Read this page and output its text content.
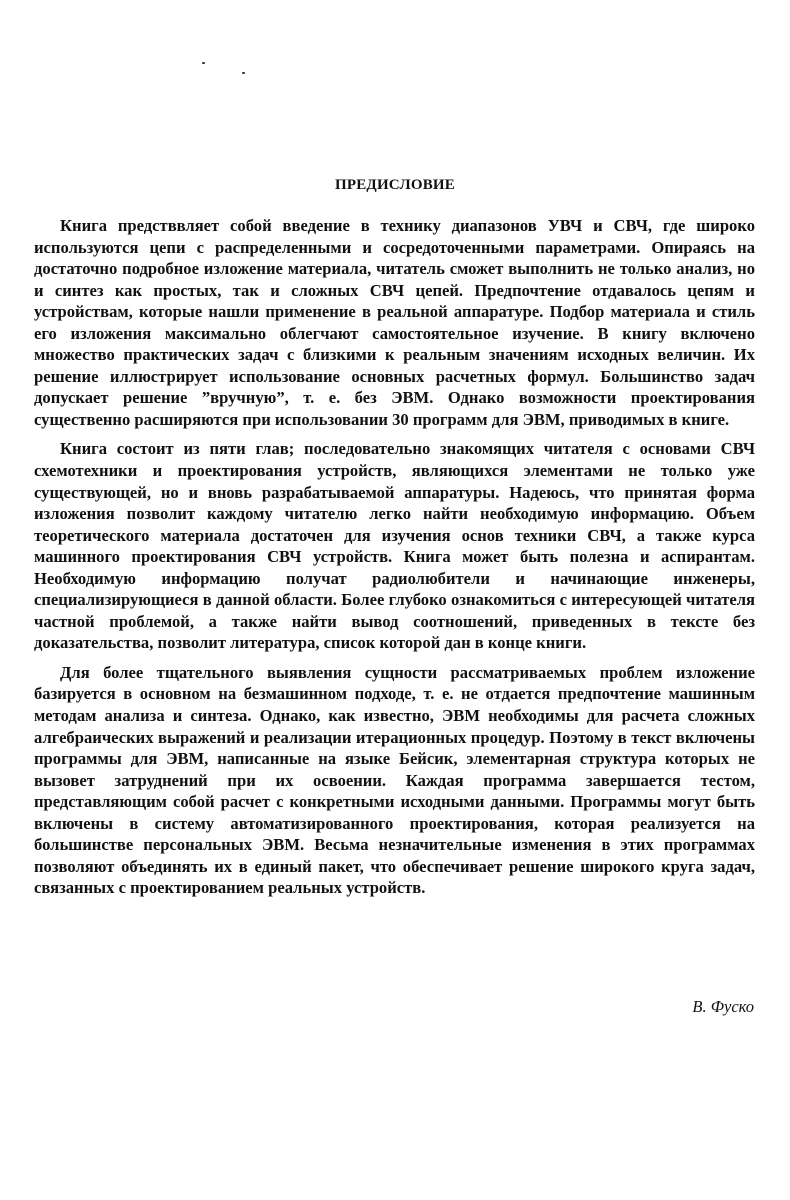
ПРЕДИСЛОВИЕ

Книга предстввляет собой введение в технику диапазонов УВЧ и СВЧ, где широко используются цепи с распределенными и сосредоточенными параметрами. Опираясь на достаточно подробное изложение материала, читатель сможет выполнить не только анализ, но и синтез как простых, так и сложных СВЧ цепей. Предпочтение отдавалось цепям и устройствам, которые нашли применение в реальной аппаратуре. Подбор материала и стиль его изложения максимально облегчают самостоятельное изучение. В книгу включено множество практических задач с близкими к реальным значениям исходных величин. Их решение иллюстрирует использование основных расчетных формул. Большинство задач допускает решение ”вручную”, т. е. без ЭВМ. Однако возможности проектирования существенно расширяются при использовании 30 программ для ЭВМ, приводимых в книге.

Книга состоит из пяти глав; последовательно знакомящих читателя с основами СВЧ схемотехники и проектирования устройств, являющихся элементами не только уже существующей, но и вновь разрабатываемой аппаратуры. Надеюсь, что принятая форма изложения позволит каждому читателю легко найти необходимую информацию. Объем теоретического материала достаточен для изучения основ техники СВЧ, а также курса машинного проектирования СВЧ устройств. Книга может быть полезна и аспирантам. Необходимую информацию получат радиолюбители и начинающие инженеры, специализирующиеся в данной области. Более глубоко ознакомиться с интересующей читателя частной проблемой, а также найти вывод соотношений, приведенных в тексте без доказательства, позволит литература, список которой дан в конце книги.

Для более тщательного выявления сущности рассматриваемых проблем изложение базируется в основном на безмашинном подходе, т. е. не отдается предпочтение машинным методам анализа и синтеза. Однако, как известно, ЭВМ необходимы для расчета сложных алгебраических выражений и реализации итерационных процедур. Поэтому в текст включены программы для ЭВМ, написанные на языке Бейсик, элементарная структура которых не вызовет затруднений при их освоении. Каждая программа завершается тестом, представляющим собой расчет с конкретными исходными данными. Программы могут быть включены в систему автоматизированного проектирования, которая реализуется на большинстве персональных ЭВМ. Весьма незначительные изменения в этих программах позволяют объединять их в единый пакет, что обеспечивает решение широкого круга задач, связанных с проектированием реальных устройств.

В. Фуско
